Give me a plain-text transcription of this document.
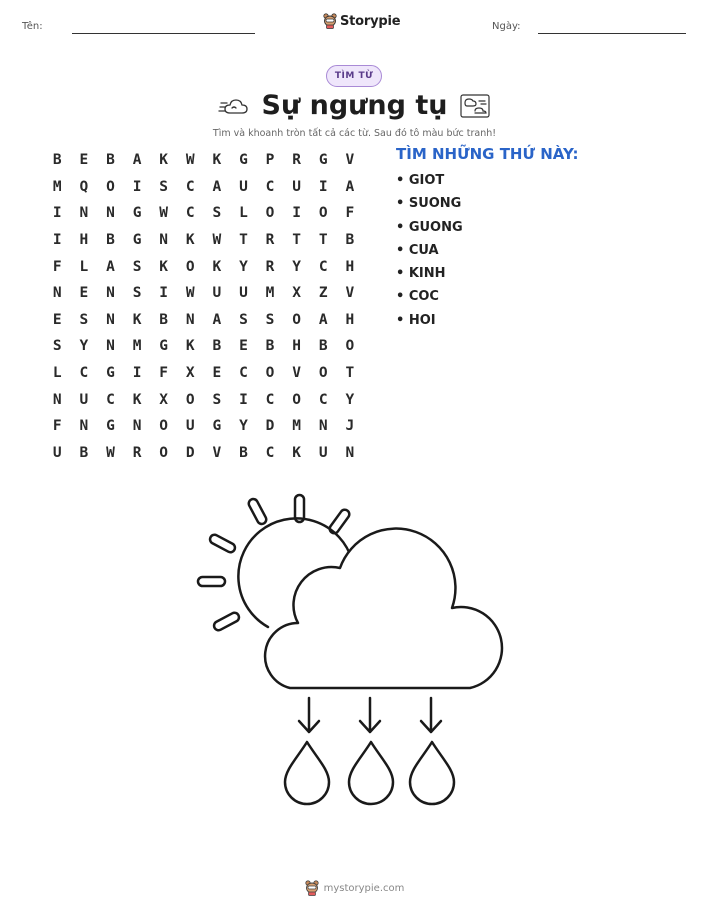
Tên:	Ngày:
Storypie
TÌM TỪ
Sự ngưng tụ
Tìm và khoanh tròn tất cả các từ. Sau đó tô màu bức tranh!
B	E	B	A	K	W	K	G	P	R	G	V
M	Q	O	I	S	C	A	U	C	U	I	A
I	N	N	G	W	C	S	L	O	I	O	F
I	H	B	G	N	K	W	T	R	T	T	B
F	L	A	S	K	O	K	Y	R	Y	C	H
N	E	N	S	I	W	U	U	M	X	Z	V
E	S	N	K	B	N	A	S	S	O	A	H
S	Y	N	M	G	K	B	E	B	H	B	O
L	C	G	I	F	X	E	C	O	V	O	T
N	U	C	K	X	O	S	I	C	O	C	Y
F	N	G	N	O	U	G	Y	D	M	N	J
U	B	W	R	O	D	V	B	C	K	U	N
TÌM NHỮNG THỨ NÀY:
• GIOT
• SUONG
• GUONG
• CUA
• KINH
• COC
• HOI
mystorypie.com
